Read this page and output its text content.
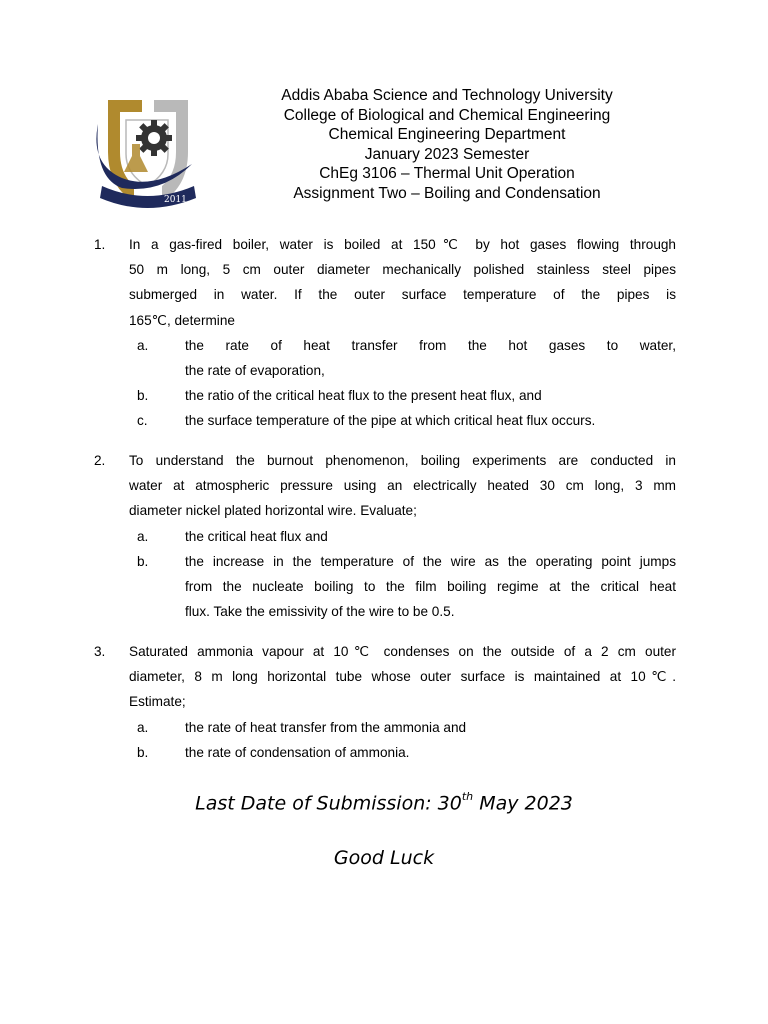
2011
Addis Ababa Science and Technology University
College of Biological and Chemical Engineering
Chemical Engineering Department
January 2023 Semester
ChEg 3106 – Thermal Unit Operation
Assignment Two – Boiling and Condensation
1. In a gas-fired boiler, water is boiled at 150℃ by hot gases flowing through
50 m long, 5 cm outer diameter mechanically polished stainless steel pipes
submerged in water. If the outer surface temperature of the pipes is
165℃, determine
a.	the rate of heat transfer from the hot gases to water,
the rate of evaporation,
b.	the ratio of the critical heat flux to the present heat flux, and
c.	the surface temperature of the pipe at which critical heat flux occurs.
2. To understand the burnout phenomenon, boiling experiments are conducted in
water at atmospheric pressure using an electrically heated 30 cm long, 3 mm
diameter nickel plated horizontal wire. Evaluate;
a.	the critical heat flux and
b.	the increase in the temperature of the wire as the operating point jumps
from the nucleate boiling to the film boiling regime at the critical heat
flux. Take the emissivity of the wire to be 0.5.
3. Saturated ammonia vapour at 10℃ condenses on the outside of a 2 cm outer
diameter, 8 m long horizontal tube whose outer surface is maintained at 10℃.
Estimate;
a.	the rate of heat transfer from the ammonia and
b.	the rate of condensation of ammonia.
Last Date of Submission: 30th May 2023
Good Luck
